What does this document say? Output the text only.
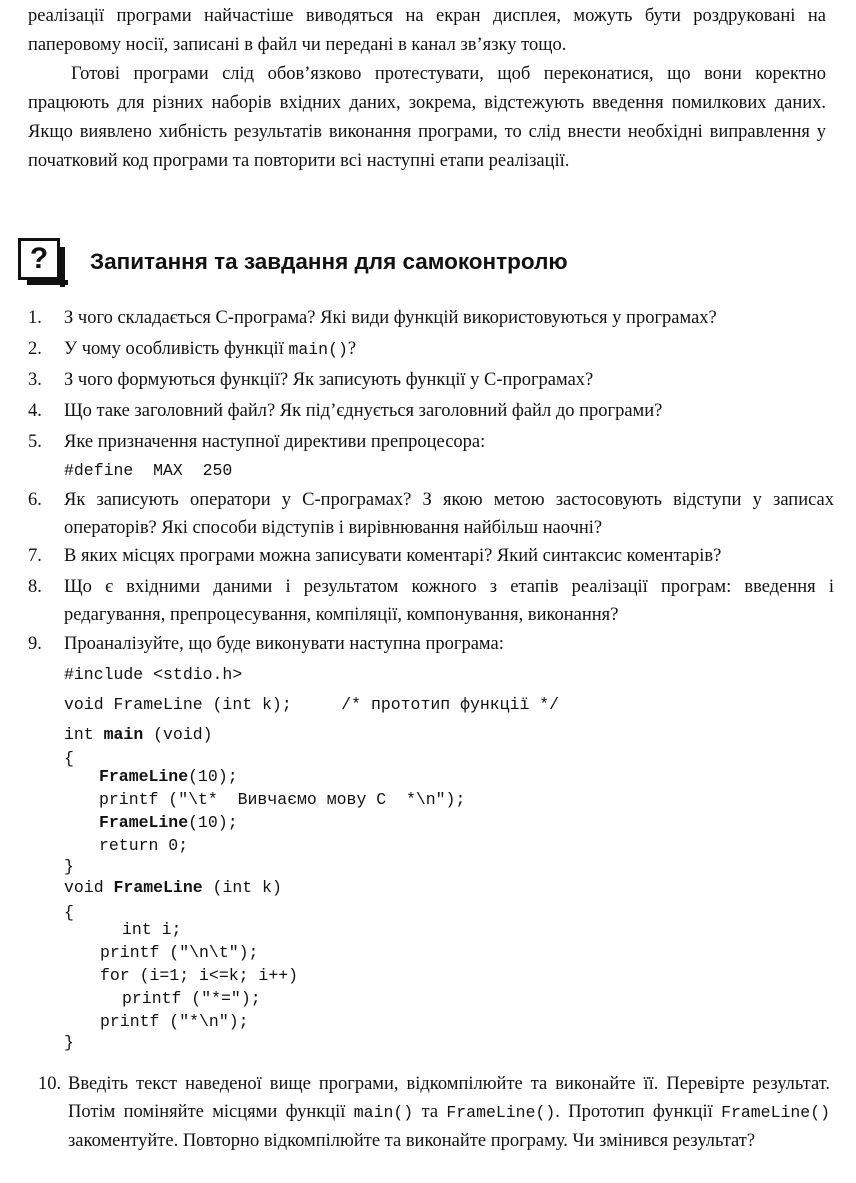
реалізації програми найчастіше виводяться на екран дисплея, можуть бути роздруковані на паперовому носії, записані в файл чи передані в канал зв’язку тощо.
Готові програми слід обов’язково протестувати, щоб переконатися, що вони коректно працюють для різних наборів вхідних даних, зокрема, відстежують введення помилкових даних. Якщо виявлено хибність результатів виконання програми, то слід внести необхідні виправлення у початковий код програми та повторити всі наступні етапи реалізації.
?	Запитання та завдання для самоконтролю
1.	З чого складається С-програма? Які види функцій використовуються у програмах?
2.	У чому особливість функції main()?
3.	З чого формуються функції? Як записують функції у С-програмах?
4.	Що таке заголовний файл? Як під’єднується заголовний файл до програми?
5.	Яке призначення наступної директиви препроцесора:
#define  MAX  250
6.	Як записують оператори у С-програмах? З якою метою застосовують відступи у записах операторів? Які способи відступів і вирівнювання найбільш наочні?
7.	В яких місцях програми можна записувати коментарі? Який синтаксис коментарів?
8.	Що є вхідними даними і результатом кожного з етапів реалізації програм: введення і редагування, препроцесування, компіляції, компонування, виконання?
9.	Проаналізуйте, що буде виконувати наступна програма:
#include <stdio.h>
void FrameLine (int k);     /* прототип функції */
int main (void)
{
FrameLine(10);
printf ("\t*  Вивчаємо мову C  *\n");
FrameLine(10);
return 0;
}
void FrameLine (int k)
{
int i;
printf ("\n\t");
for (i=1; i<=k; i++)
printf ("*=");
printf ("*\n");
}
10. Введіть текст наведеної вище програми, відкомпілюйте та виконайте її. Перевірте результат. Потім поміняйте місцями функції main() та FrameLine(). Прототип функції FrameLine() закоментуйте. Повторно відкомпілюйте та виконайте програму. Чи змінився результат?
